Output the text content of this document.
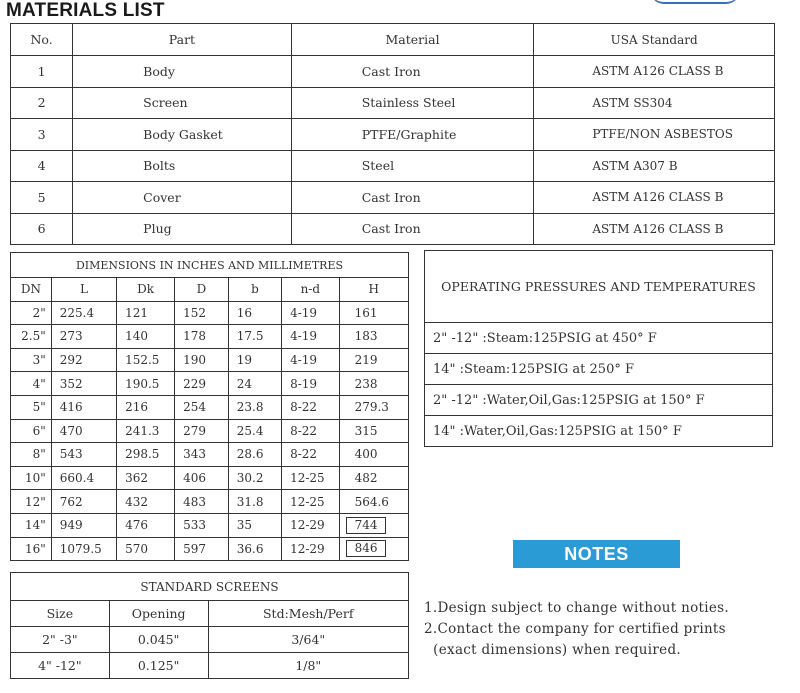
MATERIALS LIST
No.	Part	Material	USA Standard
1	Body	Cast Iron	ASTM A126 CLASS B
2	Screen	Stainless Steel	ASTM SS304
3	Body Gasket	PTFE/Graphite	PTFE/NON ASBESTOS
4	Bolts	Steel	ASTM A307 B
5	Cover	Cast Iron	ASTM A126 CLASS B
6	Plug	Cast Iron	ASTM A126 CLASS B
DIMENSIONS IN INCHES AND MILLIMETRES						
DN	L	Dk	D	b	n-d	H
2"	225.4	121	152	16	4-19	161
2.5"	273	140	178	17.5	4-19	183
3"	292	152.5	190	19	4-19	219
4"	352	190.5	229	24	8-19	238
5"	416	216	254	23.8	8-22	279.3
6"	470	241.3	279	25.4	8-22	315
8"	543	298.5	343	28.6	8-22	400
10"	660.4	362	406	30.2	12-25	482
12"	762	432	483	31.8	12-25	564.6
14"	949	476	533	35	12-29	744
16"	1079.5	570	597	36.6	12-29	846
STANDARD SCREENS		
Size	Opening	Std:Mesh/Perf
2" -3"	0.045"	3/64"
4" -12"	0.125"	1/8"
OPERATING PRESSURES AND TEMPERATURES
2" -12" :Steam:125PSIG at 450° F
14" :Steam:125PSIG at 250° F
2" -12" :Water,Oil,Gas:125PSIG at 150° F
14" :Water,Oil,Gas:125PSIG at 150° F
NOTES
1.Design subject to change without noties.
2.Contact the company for certified prints
(exact dimensions) when required.
